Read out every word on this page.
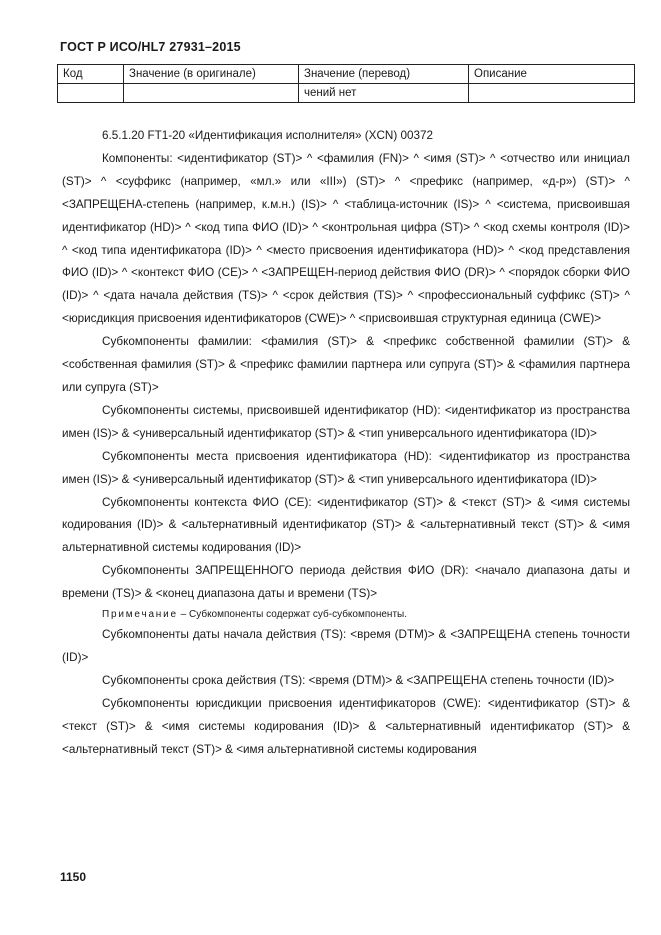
ГОСТ Р ИСО/HL7 27931–2015
Код	Значение (в оригинале)	Значение (перевод)	Описание
		чений нет	

6.5.1.20 FT1-20 «Идентификация исполнителя» (XCN) 00372

Компоненты: <идентификатор (ST)> ^ <фамилия (FN)> ^ <имя (ST)> ^ <отчество или инициал (ST)> ^ <суффикс (например, «мл.» или «III») (ST)> ^ <префикс (например, «д-р») (ST)> ^ <ЗАПРЕЩЕНА-степень (например, к.м.н.) (IS)> ^ <таблица-источник (IS)> ^ <система, присвоившая идентификатор (HD)> ^ <код типа ФИО (ID)> ^ <контрольная цифра (ST)> ^ <код схемы контроля (ID)> ^ <код типа идентификатора (ID)> ^ <место присвоения идентификатора (HD)> ^ <код представления ФИО (ID)> ^ <контекст ФИО (CE)> ^ <ЗАПРЕЩЕН-период действия ФИО (DR)> ^ <порядок сборки ФИО (ID)> ^ <дата начала действия (TS)> ^ <срок действия (TS)> ^ <профессиональный суффикс (ST)> ^ <юрисдикция присвоения идентификаторов (CWE)> ^ <присвоившая структурная единица (CWE)>

Субкомпоненты фамилии: <фамилия (ST)> & <префикс собственной фамилии (ST)> & <собственная фамилия (ST)> & <префикс фамилии партнера или супруга (ST)> & <фамилия партнера или супруга (ST)>

Субкомпоненты системы, присвоившей идентификатор (HD): <идентификатор из пространства имен (IS)> & <универсальный идентификатор (ST)> & <тип универсального идентификатора (ID)>

Субкомпоненты места присвоения идентификатора (HD): <идентификатор из пространства имен (IS)> & <универсальный идентификатор (ST)> & <тип универсального идентификатора (ID)>

Субкомпоненты контекста ФИО (CE): <идентификатор (ST)> & <текст (ST)> & <имя системы кодирования (ID)> & <альтернативный идентификатор (ST)> & <альтернативный текст (ST)> & <имя альтернативной системы кодирования (ID)>

Субкомпоненты ЗАПРЕЩЕННОГО периода действия ФИО (DR): <начало диапазона даты и времени (TS)> & <конец диапазона даты и времени (TS)>

Примечание – Субкомпоненты содержат суб-субкомпоненты.

Субкомпоненты даты начала действия (TS): <время (DTM)> & <ЗАПРЕЩЕНА степень точности (ID)>

Субкомпоненты срока действия (TS): <время (DTM)> & <ЗАПРЕЩЕНА степень точности (ID)>

Субкомпоненты юрисдикции присвоения идентификаторов (CWE): <идентификатор (ST)> & <текст (ST)> & <имя системы кодирования (ID)> & <альтернативный идентификатор (ST)> & <альтернативный текст (ST)> & <имя альтернативной системы кодирования

1150
